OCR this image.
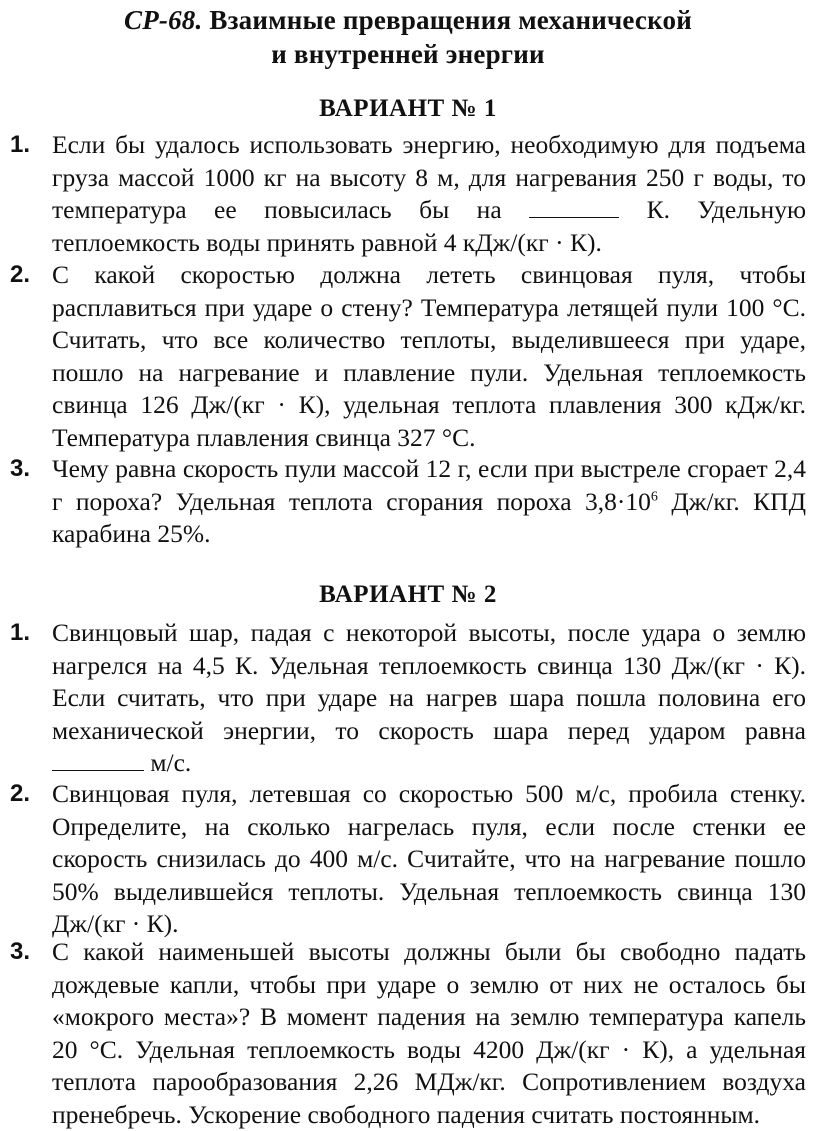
СР-68. Взаимные превращения механической
и внутренней энергии
ВАРИАНТ № 1
1. Если бы удалось использовать энергию, необходимую для подъема груза массой 1000 кг на высоту 8 м, для нагревания 250 г воды, то температура ее повысилась бы на	К. Удельную теплоемкость воды принять равной 4 кДж/(кг · К).
2. С какой скоростью должна лететь свинцовая пуля, чтобы расплавиться при ударе о стену? Температура летящей пули 100 °С. Считать, что все количество теплоты, выделившееся при ударе, пошло на нагревание и плавление пули. Удельная теплоемкость свинца 126 Дж/(кг · К), удельная теплота плавления 300 кДж/кг. Температура плавления свинца 327 °С.
3. Чему равна скорость пули массой 12 г, если при выстреле сгорает 2,4 г пороха? Удельная теплота сгорания пороха $3,8\cdot 10^6$ Дж/кг. КПД карабина 25%.
ВАРИАНТ № 2
1. Свинцовый шар, падая с некоторой высоты, после удара о землю нагрелся на 4,5 К. Удельная теплоемкость свинца 130 Дж/(кг · К). Если считать, что при ударе на нагрев шара пошла половина его механической энергии, то скорость шара перед ударом равна  м/с.
2. Свинцовая пуля, летевшая со скоростью 500 м/с, пробила стенку. Определите, на сколько нагрелась пуля, если после стенки ее скорость снизилась до 400 м/с. Считайте, что на нагревание пошло 50% выделившейся теплоты. Удельная теплоемкость свинца 130 Дж/(кг · К).
3. С какой наименьшей высоты должны были бы свободно падать дождевые капли, чтобы при ударе о землю от них не осталось бы «мокрого места»? В момент падения на землю температура капель 20 °С. Удельная теплоемкость воды 4200 Дж/(кг · К), а удельная теплота парообразования 2,26 МДж/кг. Сопротивлением воздуха пренебречь. Ускорение свободного падения считать постоянным.
